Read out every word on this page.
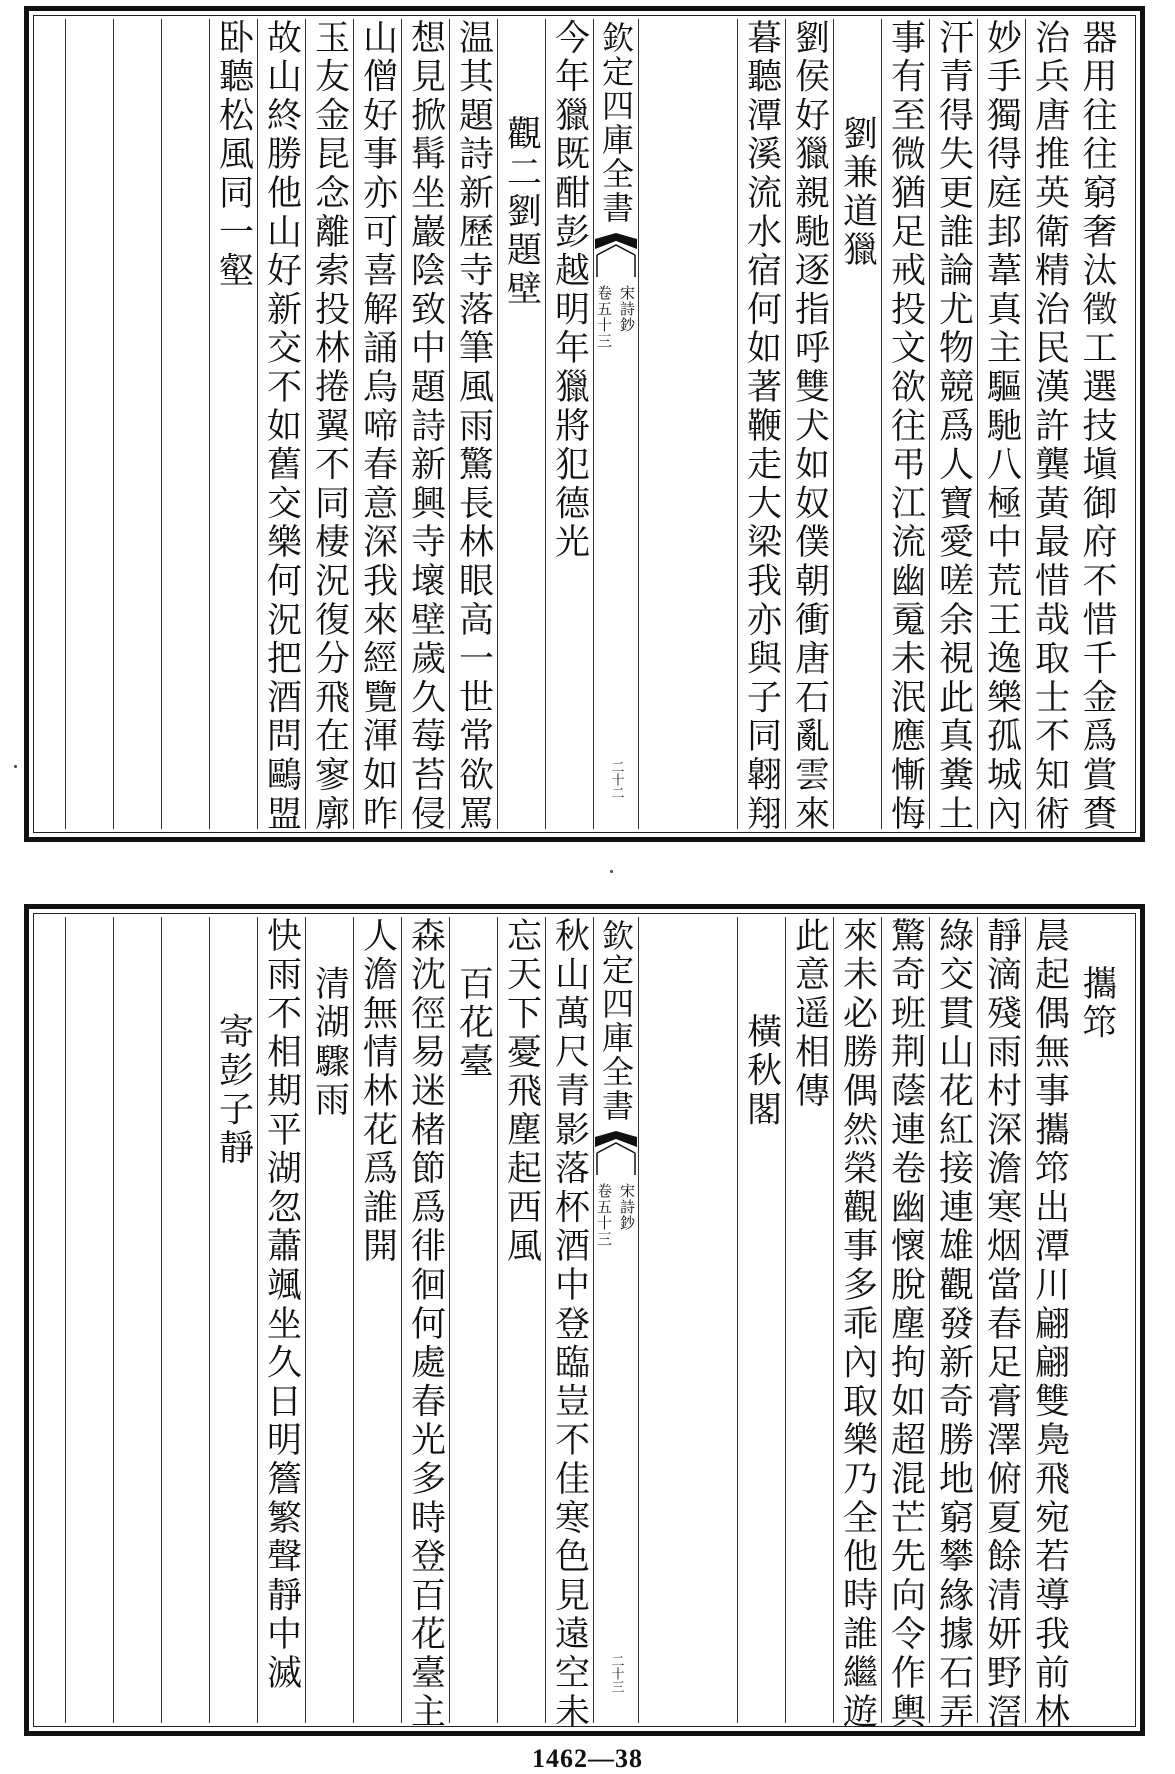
器用往往窮奢汰徵工選技塡御府不惜千金爲賞賚
治兵唐推英衛精治民漢許龔黃最惜哉取士不知術
妙手獨得庭邽葦真主驅馳八極中荒王逸樂孤城內
汗青得失更誰論尤物競爲人寶愛嗟余視此真糞土
事有至微猶足戒投文欲往弔江流幽䰟未泯應慚悔
劉兼道獵
劉侯好獵親馳逐指呼雙犬如奴僕朝衝唐石亂雲來
暮聽潭溪流水宿何如著鞭走大梁我亦與子同翺翔
欽定四庫全書
宋詩鈔
卷五十三
二十二
今年獵既酣彭越明年獵將犯德光
觀二劉題壁
温其題詩新歷寺落筆風雨驚長林眼高一世常欲罵
想見掀髯坐巖陰致中題詩新興寺壞壁歲久莓苔侵
山僧好事亦可喜解誦烏啼春意深我來經覽渾如昨
玉友金昆念離索投林捲翼不同棲況復分飛在寥廓
故山終勝他山好新交不如舊交樂何況把酒問鷗盟
卧聽松風同一壑
攜筇
晨起偶無事攜筇出潭川翩翩雙鳧飛宛若導我前林
靜滴殘雨村深澹寒烟當春足膏澤俯夏餘清妍野滘
綠交貫山花紅接連雄觀發新奇勝地窮攀緣據石弄
驚奇班荆蔭連卷幽懷脫塵拘如超混芒先向令作輿
來未必勝偶然榮觀事多乖內取樂乃全他時誰繼遊
此意遥相傳
橫秋閣
欽定四庫全書
宋詩鈔
卷五十三
二十三
秋山萬尺青影落杯酒中登臨豈不佳寒色見遠空未
忘天下憂飛塵起西風
百花臺
森沈徑易迷楮節爲徘徊何處春光多時登百花臺主
人澹無情林花爲誰開
清湖驟雨
快雨不相期平湖忽蕭颯坐久日明簷繁聲靜中滅
寄彭子靜
1462—38
